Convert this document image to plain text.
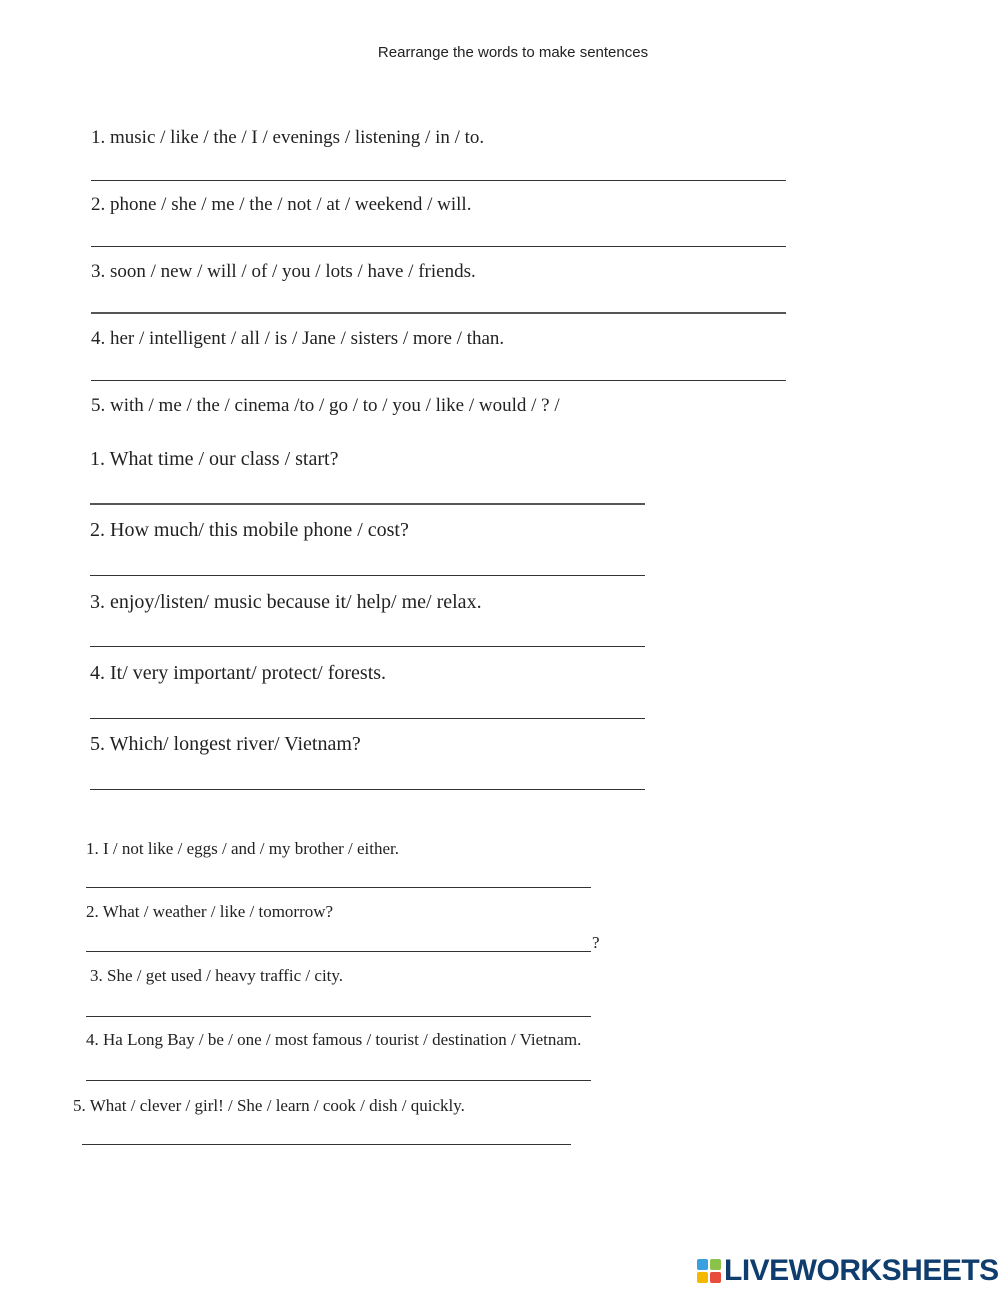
Rearrange the words to make sentences
1. music / like / the / I / evenings / listening / in / to.
2. phone / she / me / the / not / at / weekend / will.
3. soon / new / will / of / you / lots / have / friends.
4. her / intelligent / all / is / Jane / sisters / more / than.
5. with / me / the / cinema /to / go / to / you / like / would / ? /
1. What time / our class / start?
2. How much/ this mobile phone / cost?
3. enjoy/listen/ music because it/ help/ me/ relax.
4. It/ very important/ protect/ forests.
5. Which/ longest river/ Vietnam?
1. I / not like / eggs / and / my brother / either.
2. What / weather / like / tomorrow?
?
3. She / get used / heavy traffic / city.
4. Ha Long Bay / be / one / most famous / tourist / destination / Vietnam.
5. What / clever / girl! / She / learn / cook / dish / quickly.
LIVEWORKSHEETS
